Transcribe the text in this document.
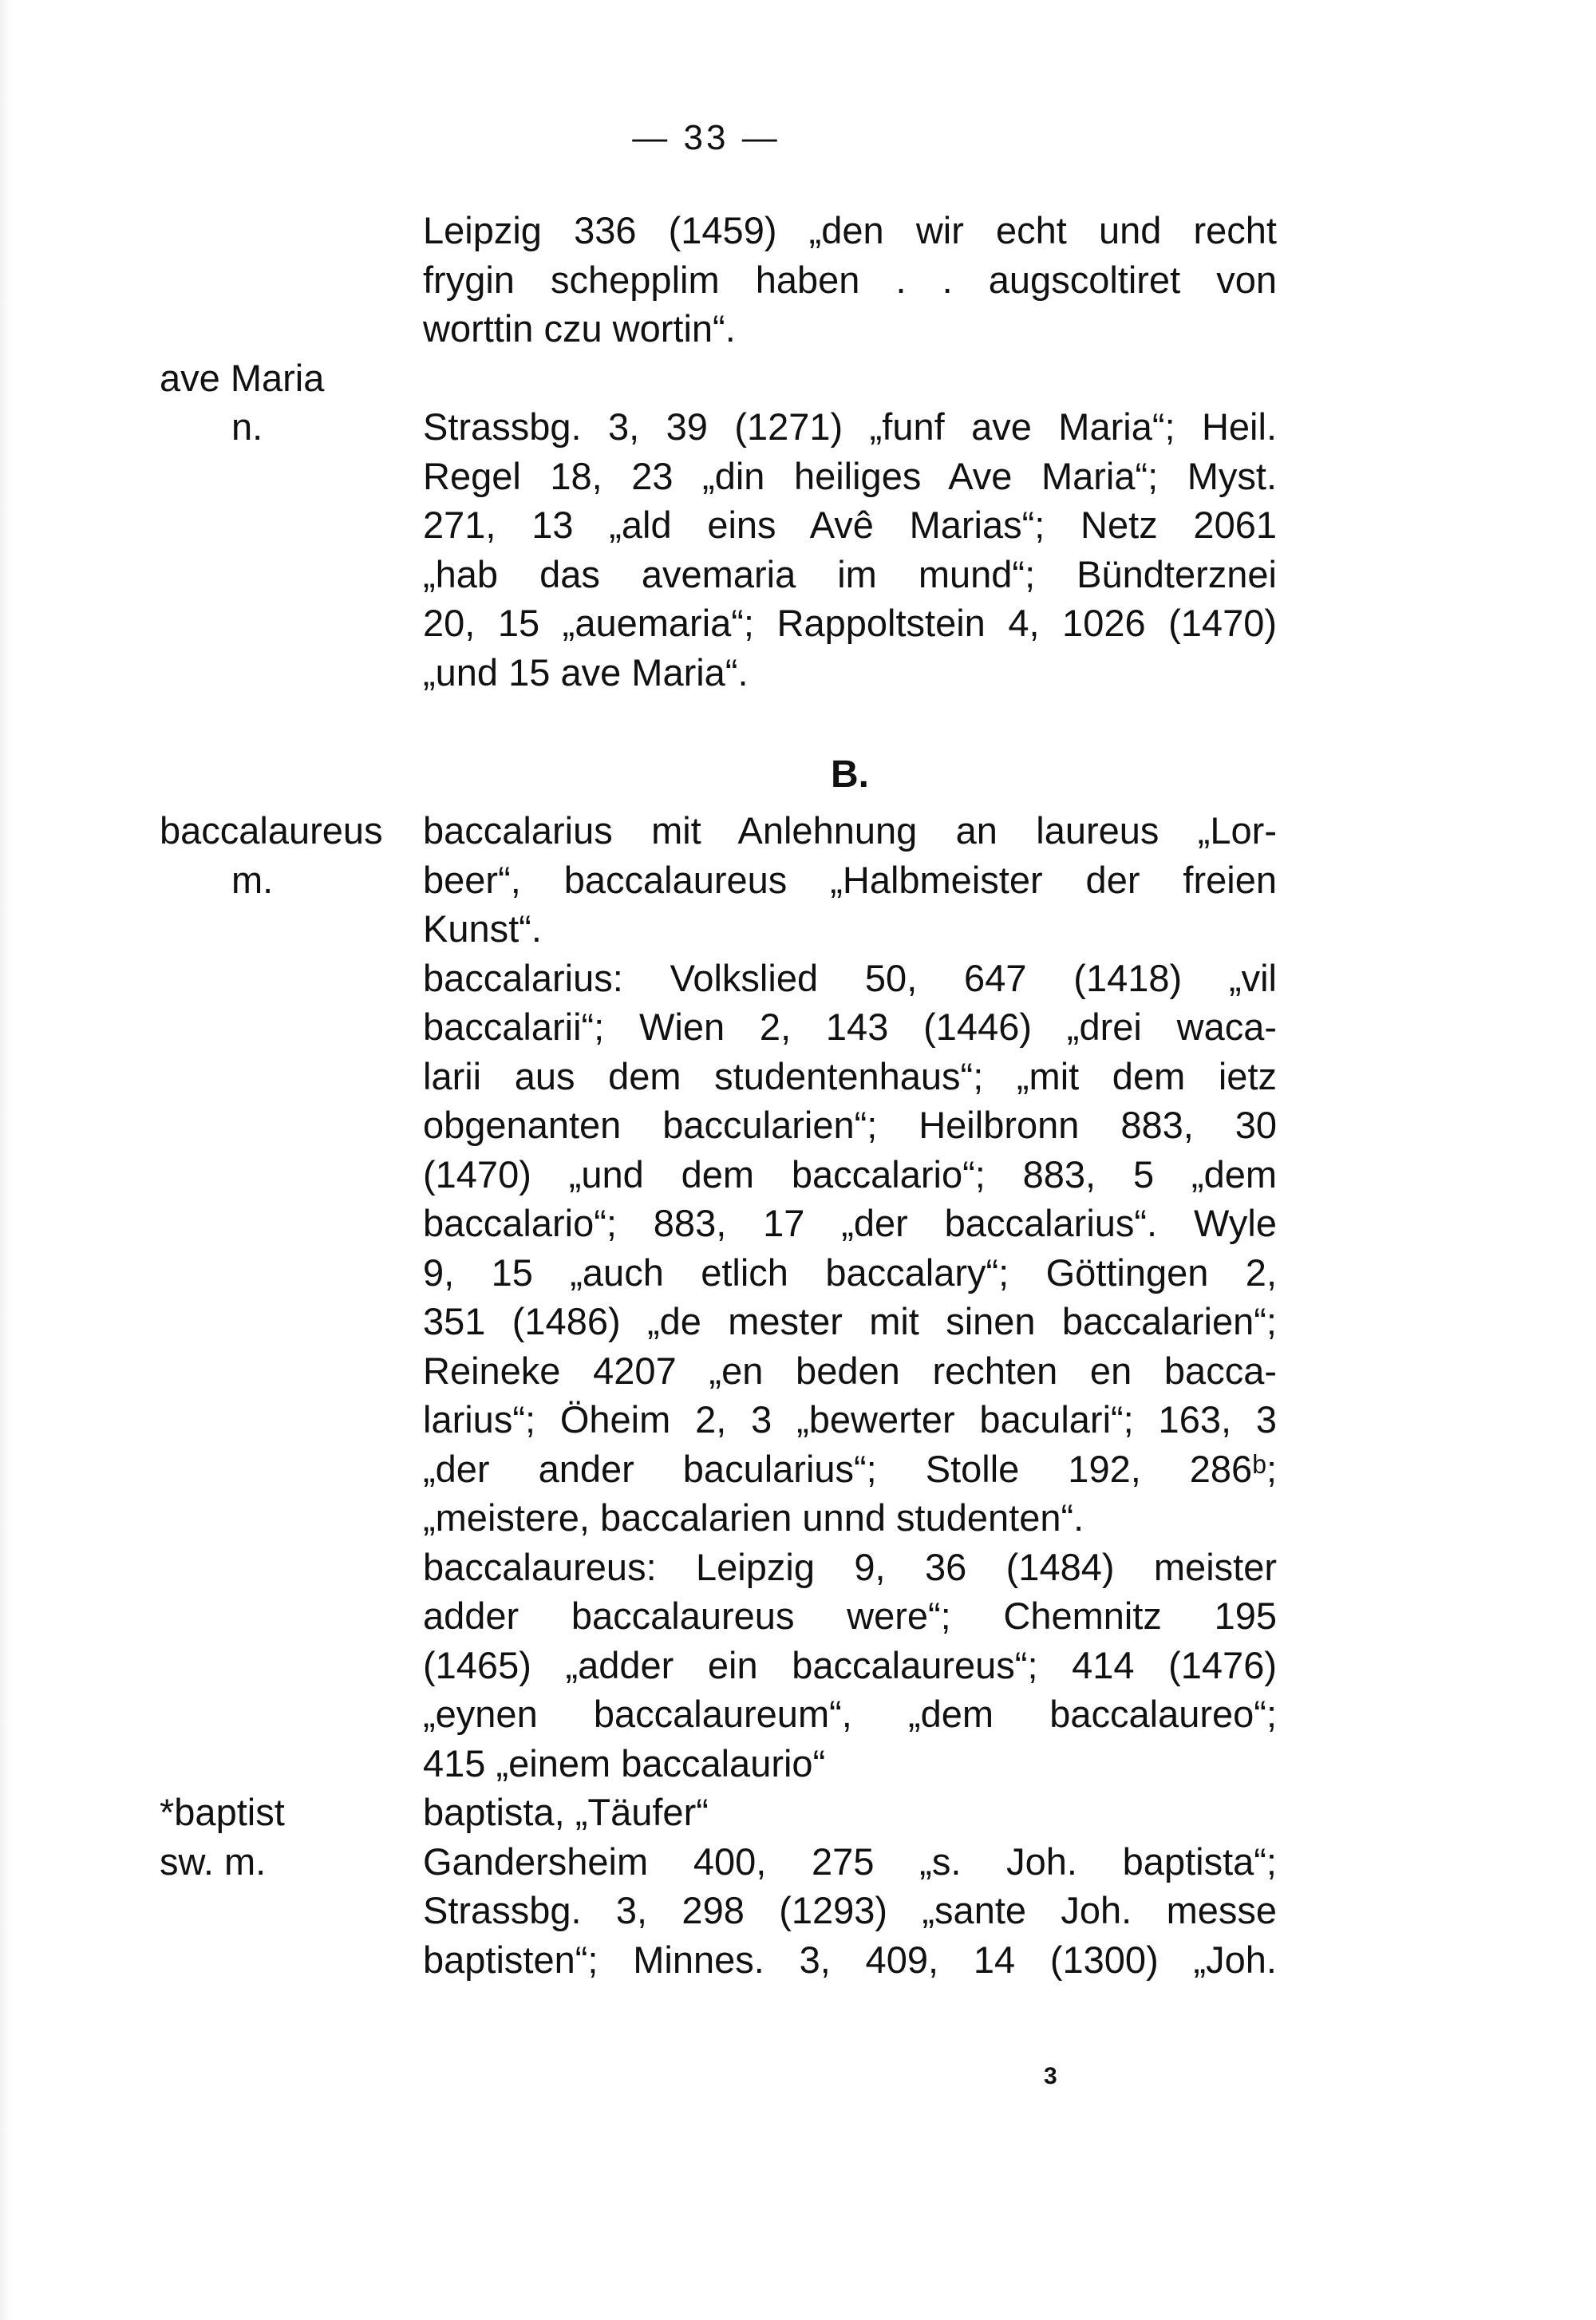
— 33 —
Leipzig 336 (1459) „den wir echt und recht
frygin schepplim haben . . augscoltiret von
worttin czu wortin“.
ave Maria
n.	Strassbg. 3, 39 (1271) „funf ave Maria“; Heil.
Regel 18, 23 „din heiliges Ave Maria“; Myst.
271, 13 „ald eins Avê Marias“; Netz 2061
„hab das avemaria im mund“; Bündterznei
20, 15 „auemaria“; Rappoltstein 4, 1026 (1470)
„und 15 ave Maria“.
B.
baccalaureus
m.
baccalarius mit Anlehnung an laureus „Lor-
beer“, baccalaureus „Halbmeister der freien
Kunst“.
baccalarius: Volkslied 50, 647 (1418) „vil
baccalarii“; Wien 2, 143 (1446) „drei waca-
larii aus dem studentenhaus“; „mit dem ietz
obgenanten baccularien“; Heilbronn 883, 30
(1470) „und dem baccalario“; 883, 5 „dem
baccalario“; 883, 17 „der baccalarius“. Wyle
9, 15 „auch etlich baccalary“; Göttingen 2,
351 (1486) „de mester mit sinen baccalarien“;
Reineke 4207 „en beden rechten en bacca-
larius“; Öheim 2, 3 „bewerter baculari“; 163, 3
„der ander bacularius“; Stolle 192, 286ᵇ;
„meistere, baccalarien unnd studenten“.
baccalaureus: Leipzig 9, 36 (1484) meister
adder baccalaureus were“; Chemnitz 195
(1465) „adder ein baccalaureus“; 414 (1476)
„eynen baccalaureum“, „dem baccalaureo“;
415 „einem baccalaurio“
*baptist
sw. m.
baptista, „Täufer“
Gandersheim 400, 275 „s. Joh. baptista“;
Strassbg. 3, 298 (1293) „sante Joh. messe
baptisten“; Minnes. 3, 409, 14 (1300) „Joh.
3
